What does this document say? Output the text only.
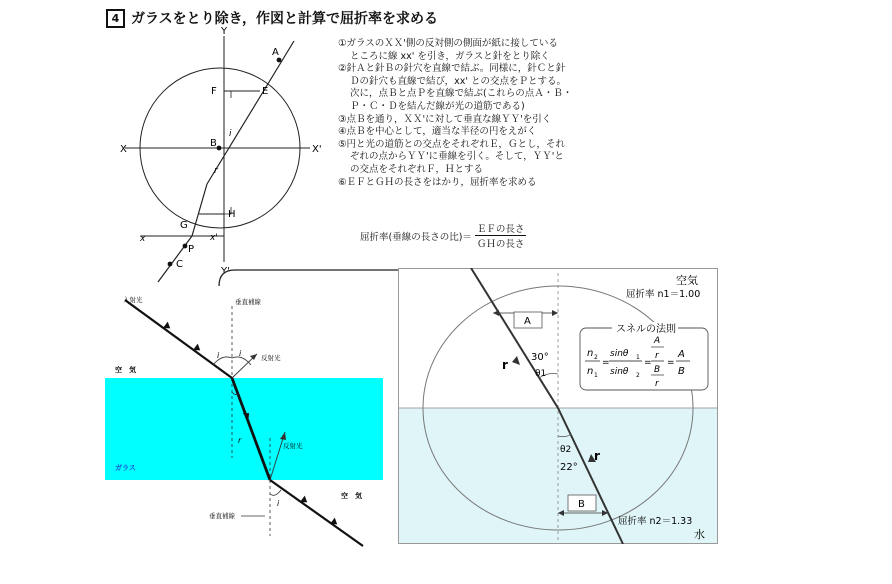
4 ガラスをとり除き，作図と計算で屈折率を求める
Y
Y'
X	X'
x	x'
A
B
C
E
F
G
H
P
i
r
①ガラスのＸＸ'側の反対側の側面が紙に接している
ところに線 xx' を引き，ガラスと針をとり除く
②針Ａと針Ｂの針穴を直線で結ぶ。同様に，針Ｃと針
Ｄの針穴も直線で結び，xx' との交点をＰとする。
次に，点Ｂと点Ｐを直線で結ぶ(これらの点Ａ・Ｂ・
Ｐ・Ｃ・Ｄを結んだ線が光の道筋である)
③点Ｂを通り，ＸＸ'に対して垂直な線ＹＹ'を引く
④点Ｂを中心として，適当な半径の円をえがく
⑤円と光の道筋との交点をそれぞれＥ，Ｇとし，それ
ぞれの点からＹＹ'に垂線を引く。そして，ＹＹ'と
の交点をそれぞれＦ，Ｈとする
⑥ＥＦとＧＨの長さをはかり，屈折率を求める
屈折率(垂線の長さの比)＝ $\frac{\text{ＥＦの長さ}}{\text{ＧＨの長さ}}$
入射光	垂直補線
反射光
空　気
ガラス
反射光
空　気
垂直補線
i i
r
i
A
B
r
30°
θ1
θ2 r
22°
空気
屈折率 n1＝1.00
屈折率 n2＝1.33
水
スネルの法則
n 2
n 1
=
sinθ 1
sinθ 2
=
A
r
B
r
=
A
B
